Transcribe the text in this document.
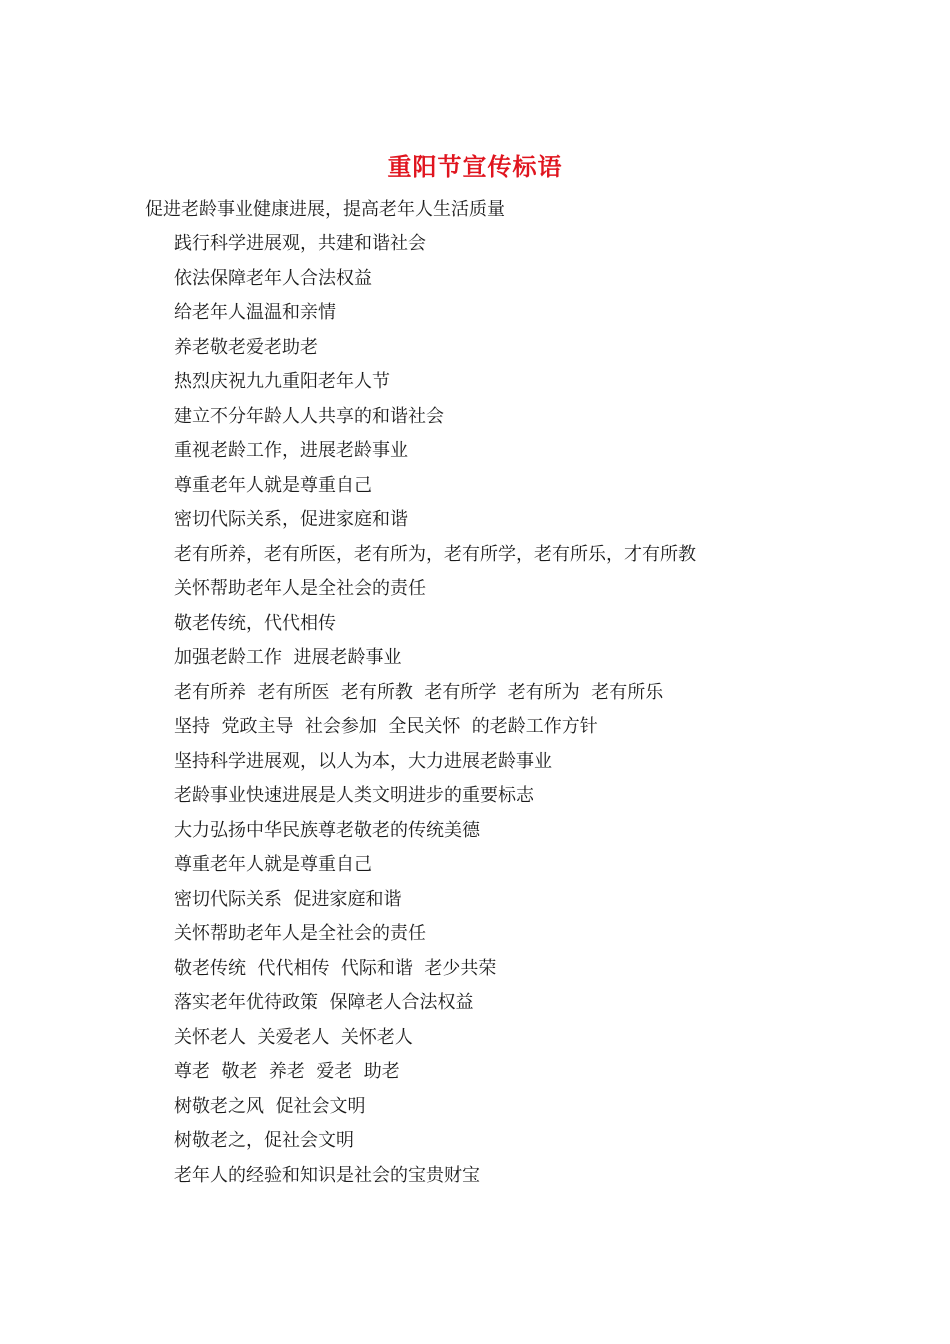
重阳节宣传标语
促进老龄事业健康进展，提高老年人生活质量
践行科学进展观，共建和谐社会
依法保障老年人合法权益
给老年人温温和亲情
养老敬老爱老助老
热烈庆祝九九重阳老年人节
建立不分年龄人人共享的和谐社会
重视老龄工作，进展老龄事业
尊重老年人就是尊重自己
密切代际关系，促进家庭和谐
老有所养，老有所医，老有所为，老有所学，老有所乐，才有所教
关怀帮助老年人是全社会的责任
敬老传统，代代相传
加强老龄工作  进展老龄事业
老有所养  老有所医  老有所教  老有所学  老有所为  老有所乐
坚持  党政主导  社会参加  全民关怀  的老龄工作方针
坚持科学进展观，以人为本，大力进展老龄事业
老龄事业快速进展是人类文明进步的重要标志
大力弘扬中华民族尊老敬老的传统美德
尊重老年人就是尊重自己
密切代际关系  促进家庭和谐
关怀帮助老年人是全社会的责任
敬老传统  代代相传  代际和谐  老少共荣
落实老年优待政策  保障老人合法权益
关怀老人  关爱老人  关怀老人
尊老  敬老  养老  爱老  助老
树敬老之风  促社会文明
树敬老之，促社会文明
老年人的经验和知识是社会的宝贵财宝
